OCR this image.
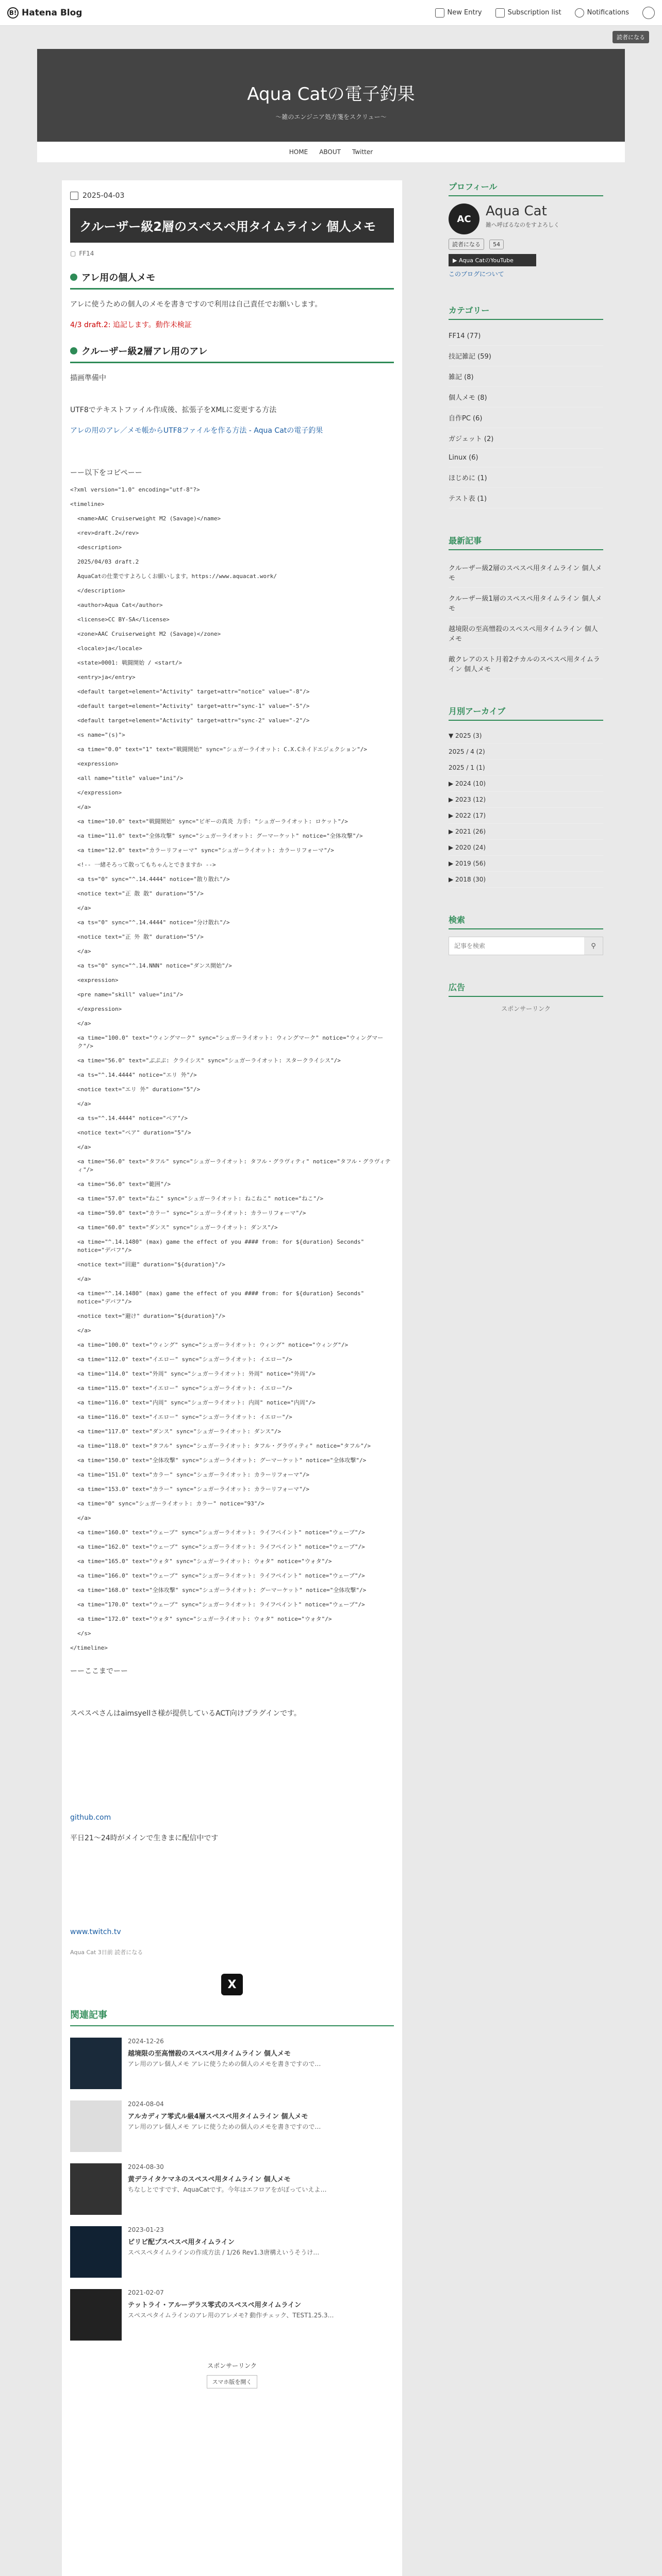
B! Hatena Blog	New Entry	Subscription list	Notifications
読者になる
Aqua Catの電子釣果

〜雑のエンジニア処方箋をスクリュー〜

HOME ABOUT Twitter
2025-04-03
クルーザー級2層のスペスペ用タイムライン 個人メモ
▢ FF14
アレ用の個人メモ

アレに使うための個人のメモを書きですので利用は自己責任でお願いします。

4/3 draft.2: 追記します。動作未検証

クルーザー級2層アレ用のアレ

描画準備中

UTF8でテキストファイル作成後、拡張子をXMLに変更する方法

アレの用のアレ／メモ帳からUTF8ファイルを作る方法 - Aqua Catの電子釣果

ーー以下をコピペーー

<?xml version="1.0" encoding="utf-8"?>
<timeline>
<name>AAC Cruiserweight M2 (Savage)</name>
<rev>draft.2</rev>
<description>
2025/04/03 draft.2
AquaCatの仕業ですよろしくお願いします。https://www.aquacat.work/
</description>
<author>Aqua Cat</author>
<license>CC BY-SA</license>
<zone>AAC Cruiserweight M2 (Savage)</zone>
<locale>ja</locale>
<state>0001: 戦闘開始 / <start/>
<entry>ja</entry>
<default target=element="Activity" target=attr="notice" value="-8"/>
<default target=element="Activity" target=attr="sync-1" value="-5"/>
<default target=element="Activity" target=attr="sync-2" value="-2"/>
<s name="(s)">
<a time="0.0" text="1" text="戦闘開始" sync="シュガーライオット: C.X.Cネイドエジェクション"/>
<expression>
<all name="title" value="ini"/>
</expression>
</a>
<a time="10.0" text="戦闘開始" sync="ビギーの真炎 力手: "シュガーライオット: ロケット"/>
<a time="11.0" text="全体攻撃" sync="シュガーライオット: グーマーケット" notice="全体攻撃"/>
<a time="12.0" text="カラーリフォーマ" sync="シュガーライオット: カラーリフォーマ"/>
<!-- 一緒そろって散ってもちゃんとできますか -->
<a ts="0" sync="^.14.4444" notice="散り散れ"/>
<notice text="正 散 散" duration="5"/>
</a>
<a ts="0" sync="^.14.4444" notice="分け散れ"/>
<notice text="正 外 散" duration="5"/>
</a>
<a ts="0" sync="^.14.NNN" notice="ダンス開始"/>
<expression>
<pre name="skill" value="ini"/>
</expression>
</a>
<a time="100.0" text="ウィングマーク" sync="シュガーライオット: ウィングマーク" notice="ウィングマーク"/>
<a time="56.0" text="ぶぷぷ: クライシス" sync="シュガーライオット: スタークライシス"/>
<a ts="^.14.4444" notice="エリ 外"/>
<notice text="エリ 外" duration="5"/>
</a>
<a ts="^.14.4444" notice="ペア"/>
<notice text="ペア" duration="5"/>
</a>
<a time="56.0" text="タフル" sync="シュガーライオット: タフル・グラヴィティ" notice="タフル・グラヴィティ"/>
<a time="56.0" text="範囲"/>
<a time="57.0" text="ねこ" sync="シュガーライオット: ねこねこ" notice="ねこ"/>
<a time="59.0" text="カラー" sync="シュガーライオット: カラーリフォーマ"/>
<a time="60.0" text="ダンス" sync="シュガーライオット: ダンス"/>
<a time="^.14.1480" (max) game the effect of you #### from: for ${duration} Seconds" notice="デバフ"/>
<notice text="回避" duration="${duration}"/>
</a>
<a time="^.14.1480" (max) game the effect of you #### from: for ${duration} Seconds" notice="デバフ"/>
<notice text="避け" duration="${duration}"/>
</a>
<a time="100.0" text="ウィング" sync="シュガーライオット: ウィング" notice="ウィング"/>
<a time="112.0" text="イエロー" sync="シュガーライオット: イエロー"/>
<a time="114.0" text="外周" sync="シュガーライオット: 外周" notice="外周"/>
<a time="115.0" text="イエロー" sync="シュガーライオット: イエロー"/>
<a time="116.0" text="内周" sync="シュガーライオット: 内周" notice="内周"/>
<a time="116.0" text="イエロー" sync="シュガーライオット: イエロー"/>
<a time="117.0" text="ダンス" sync="シュガーライオット: ダンス"/>
<a time="118.0" text="タフル" sync="シュガーライオット: タフル・グラヴィティ" notice="タフル"/>
<a time="150.0" text="全体攻撃" sync="シュガーライオット: グーマーケット" notice="全体攻撃"/>
<a time="151.0" text="カラー" sync="シュガーライオット: カラーリフォーマ"/>
<a time="153.0" text="カラー" sync="シュガーライオット: カラーリフォーマ"/>
<a time="0" sync="シュガーライオット: カラー" notice="93"/>
</a>
<a time="160.0" text="ウェーブ" sync="シュガーライオット: ライフペイント" notice="ウェーブ"/>
<a time="162.0" text="ウェーブ" sync="シュガーライオット: ライフペイント" notice="ウェーブ"/>
<a time="165.0" text="ウォタ" sync="シュガーライオット: ウォタ" notice="ウォタ"/>
<a time="166.0" text="ウェーブ" sync="シュガーライオット: ライフペイント" notice="ウェーブ"/>
<a time="168.0" text="全体攻撃" sync="シュガーライオット: グーマーケット" notice="全体攻撃"/>
<a time="170.0" text="ウェーブ" sync="シュガーライオット: ライフペイント" notice="ウェーブ"/>
<a time="172.0" text="ウォタ" sync="シュガーライオット: ウォタ" notice="ウォタ"/>
</s>
</timeline>

ーーここまでーー

スペスペさんはaimsyellさ様が提供しているACT向けプラグインです。

github.com

平日21〜24時がメインで生きまに配信中です

www.twitch.tv

Aqua Cat 3日前 読者になる

X
関連記事
2024-12-26
越境限の至高憎殺のスペスペ用タイムライン 個人メモ
アレ用のアレ個人メモ アレに使うための個人のメモを書きですので…
2024-08-04
アルカディア零式ル級4層スペスペ用タイムライン 個人メモ
アレ用のアレ個人メモ アレに使うための個人のメモを書きですので…
2024-08-30
黄デライタケマネのスペスペ用タイムライン 個人メモ
ちなしとですです、AquaCatです。今年はエフロアをがぼっていえよ…
2023-01-23
ピリビ配プスペスペ用タイムライン
スペスペタイムラインの作成方法 / 1/26 Rev1.3唐構えいうそうけ…
2021-02-07
テットライ・アルーデラス零式のスペスペ用タイムライン
スペスペタイムラインのアレ用のアレメモ? 動作チェック、TEST1.25.3…
スポンサーリンク
スマホ版を開く
プロフィール
AC	Aqua Cat
雑へ呼ばるなのをすよろしく
読者になる 54
▶ Aqua CatのYouTube
このブログについて
カテゴリー
FF14 (77)
技記雑記 (59)
雑記 (8)
個人メモ (8)
自作PC (6)
ガジェット (2)
Linux (6)
ほじめに (1)
テスト表 (1)
最新記事
クルーザー級2層のスペスペ用タイムライン 個人メモ
クルーザー級1層のスペスペ用タイムライン 個人メモ
越境限の至高憎殺のスペスペ用タイムライン 個人メモ
敵クレアのスト月着2チカルのスペスペ用タイムライン 個人メモ
月別アーカイブ
▼ 2025 (3)
2025 / 4 (2)
2025 / 1 (1)
▶ 2024 (10)
▶ 2023 (12)
▶ 2022 (17)
▶ 2021 (26)
▶ 2020 (24)
▶ 2019 (56)
▶ 2018 (30)
検索
記事を検索
⚲
広告
スポンサーリンク
